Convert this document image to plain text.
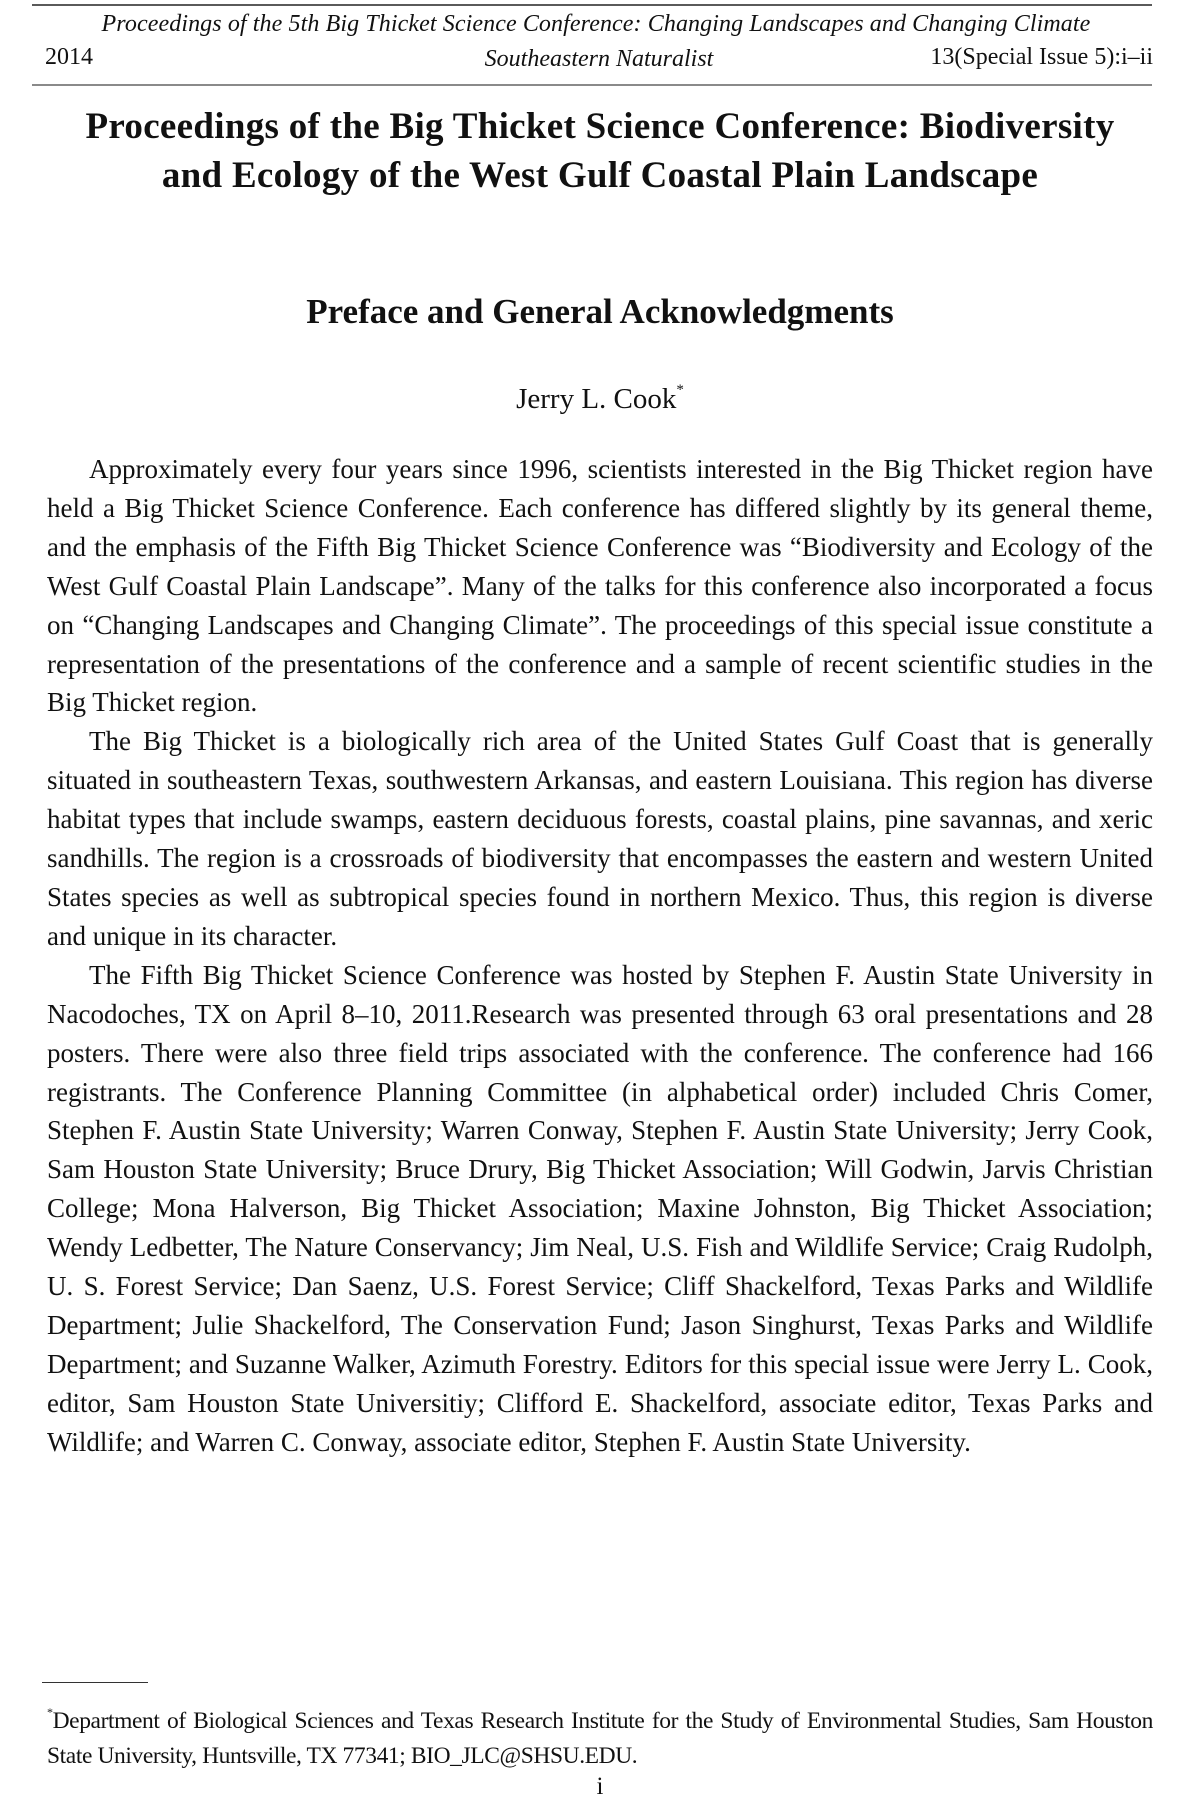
Proceedings of the 5th Big Thicket Science Conference: Changing Landscapes and Changing Climate
2014	Southeastern Naturalist	13(Special Issue 5):i–ii
Proceedings of the Big Thicket Science Conference: Biodiversity and Ecology of the West Gulf Coastal Plain Landscape
Preface and General Acknowledgments
Jerry L. Cook*

Approximately every four years since 1996, scientists interested in the Big Thicket region have held a Big Thicket Science Conference. Each conference has differed slightly by its general theme, and the emphasis of the Fifth Big Thicket Science Conference was “Biodiversity and Ecology of the West Gulf Coastal Plain Landscape”. Many of the talks for this conference also incorporated a focus on “Changing Landscapes and Changing Climate”. The proceedings of this special issue constitute a representation of the presentations of the conference and a sample of recent scientific studies in the Big Thicket region.

The Big Thicket is a biologically rich area of the United States Gulf Coast that is generally situated in southeastern Texas, southwestern Arkansas, and eastern Louisiana. This region has diverse habitat types that include swamps, eastern deciduous forests, coastal plains, pine savannas, and xeric sandhills. The region is a crossroads of biodiversity that encompasses the eastern and western United States species as well as subtropical species found in northern Mexico. Thus, this region is diverse and unique in its character.

The Fifth Big Thicket Science Conference was hosted by Stephen F. Austin State University in Nacodoches, TX on April 8–10, 2011.Research was presented through 63 oral presentations and 28 posters. There were also three field trips associated with the conference. The conference had 166 registrants. The Conference Planning Committee (in alphabetical order) included Chris Comer, Stephen F. Austin State University; Warren Conway, Stephen F. Austin State University; Jerry Cook, Sam Houston State University; Bruce Drury, Big Thicket Association; Will Godwin, Jarvis Christian College; Mona Halverson, Big Thicket Association; Maxine Johnston, Big Thicket Association; Wendy Ledbetter, The Nature Conservancy; Jim Neal, U.S. Fish and Wildlife Service; Craig Rudolph, U. S. Forest Service; Dan Saenz, U.S. Forest Service; Cliff Shackelford, Texas Parks and Wildlife Department; Julie Shackelford, The Conservation Fund; Jason Singhurst, Texas Parks and Wildlife Department; and Suzanne Walker, Azimuth Forestry. Editors for this special issue were Jerry L. Cook, editor, Sam Houston State Universitiy; Clifford E. Shackelford, associate editor, Texas Parks and Wildlife; and Warren C. Conway, associate editor, Stephen F. Austin State University.

*Department of Biological Sciences and Texas Research Institute for the Study of Environmental Studies, Sam Houston State University, Huntsville, TX 77341; BIO_JLC@SHSU.EDU.
i
